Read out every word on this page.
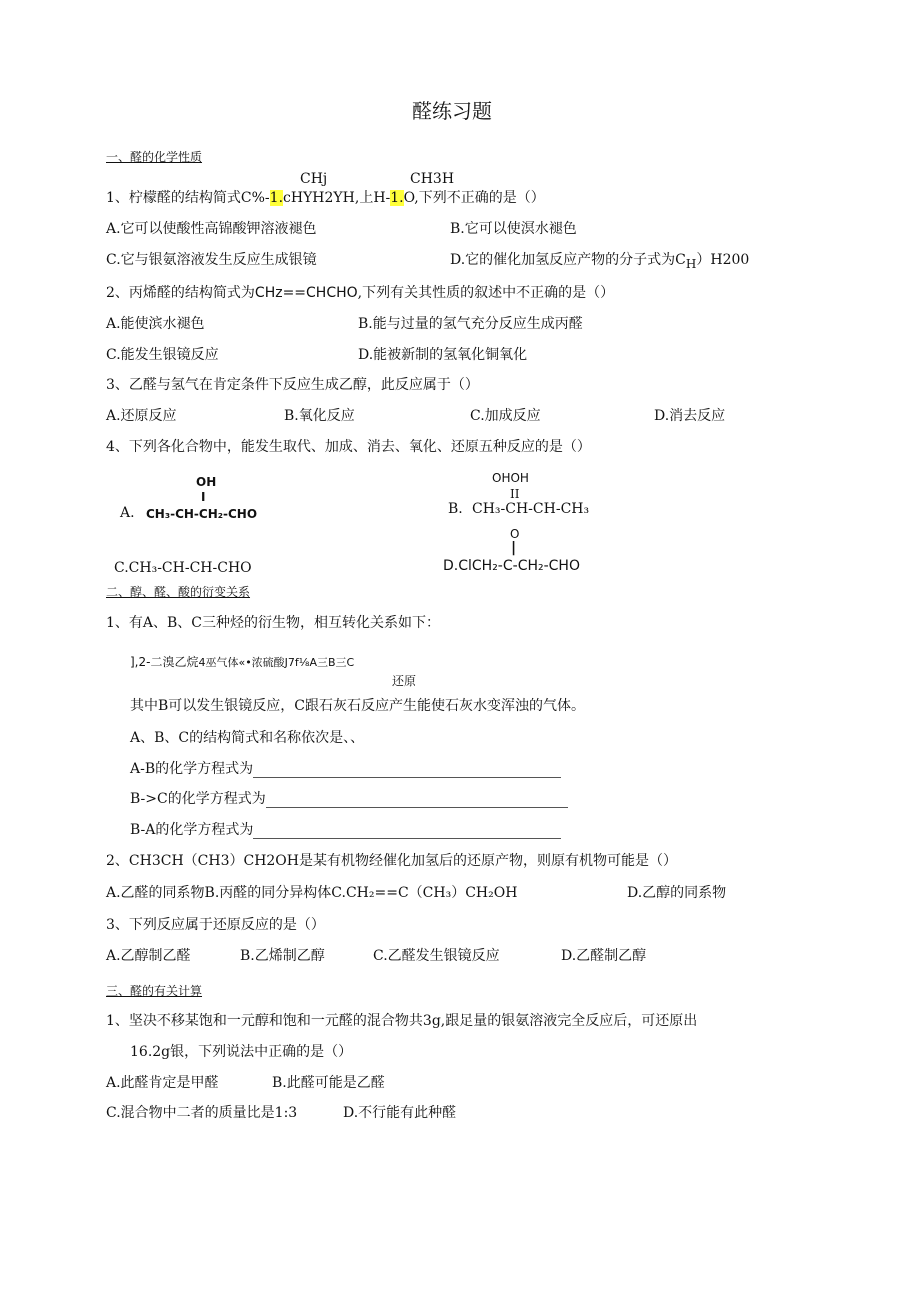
醛练习题
一、醛的化学性质
CHj	CH3H
1、柠檬醛的结构简式C%-1.cHYH2YH,上H-1.O,下列不正确的是（）
A.它可以使酸性高锦酸钾溶液褪色	B.它可以使溟水褪色
C.它与银氨溶液发生反应生成银镜	D.它的催化加氢反应产物的分子式为$C_H)H200$
2、丙烯醛的结构简式为CHz==CHCHO,下列有关其性质的叙述中不正确的是（）
A.能使滨水褪色	B.能与过量的氢气充分反应生成丙醛
C.能发生银镜反应	D.能被新制的氢氧化铜氧化
3、乙醛与氢气在肯定条件下反应生成乙醇，此反应属于（）
A.还原反应	B.氧化反应	C.加成反应	D.消去反应
4、下列各化合物中，能发生取代、加成、消去、氧化、还原五种反应的是（）
OH
I
A. CH₃-CH-CH₂-CHO
OHOH
II
B. CH₃-CH-CH-CH₃
O
|
C.CH₃-CH-CH-CHO	D.ClCH₂-C-CH₂-CHO
二、醇、醛、酸的衍变关系
1、有A、B、C三种烃的衍生物，相互转化关系如下：
],2-二溴乙烷4巫气体«•浓硫酸J7f⅛A三B三C
还原
其中B可以发生银镜反应，C跟石灰石反应产生能使石灰水变浑浊的气体。
A、B、C的结构简式和名称依次是、、
A-B的化学方程式为
B->C的化学方程式为
B-A的化学方程式为
2、CH3CH（CH3）CH2OH是某有机物经催化加氢后的还原产物，则原有机物可能是（）
A.乙醛的同系物B.丙醛的同分异构体C.CH₂==C（CH₃）CH₂OH	D.乙醇的同系物
3、下列反应属于还原反应的是（）
A.乙醇制乙醛	B.乙烯制乙醇	C.乙醛发生银镜反应	D.乙醛制乙醇
三、醛的有关计算
1、坚决不移某饱和一元醇和饱和一元醛的混合物共3g,跟足量的银氨溶液完全反应后，可还原出
16.2g银，下列说法中正确的是（）
A.此醛肯定是甲醛	B.此醛可能是乙醛
C.混合物中二者的质量比是1:3	D.不行能有此种醛
